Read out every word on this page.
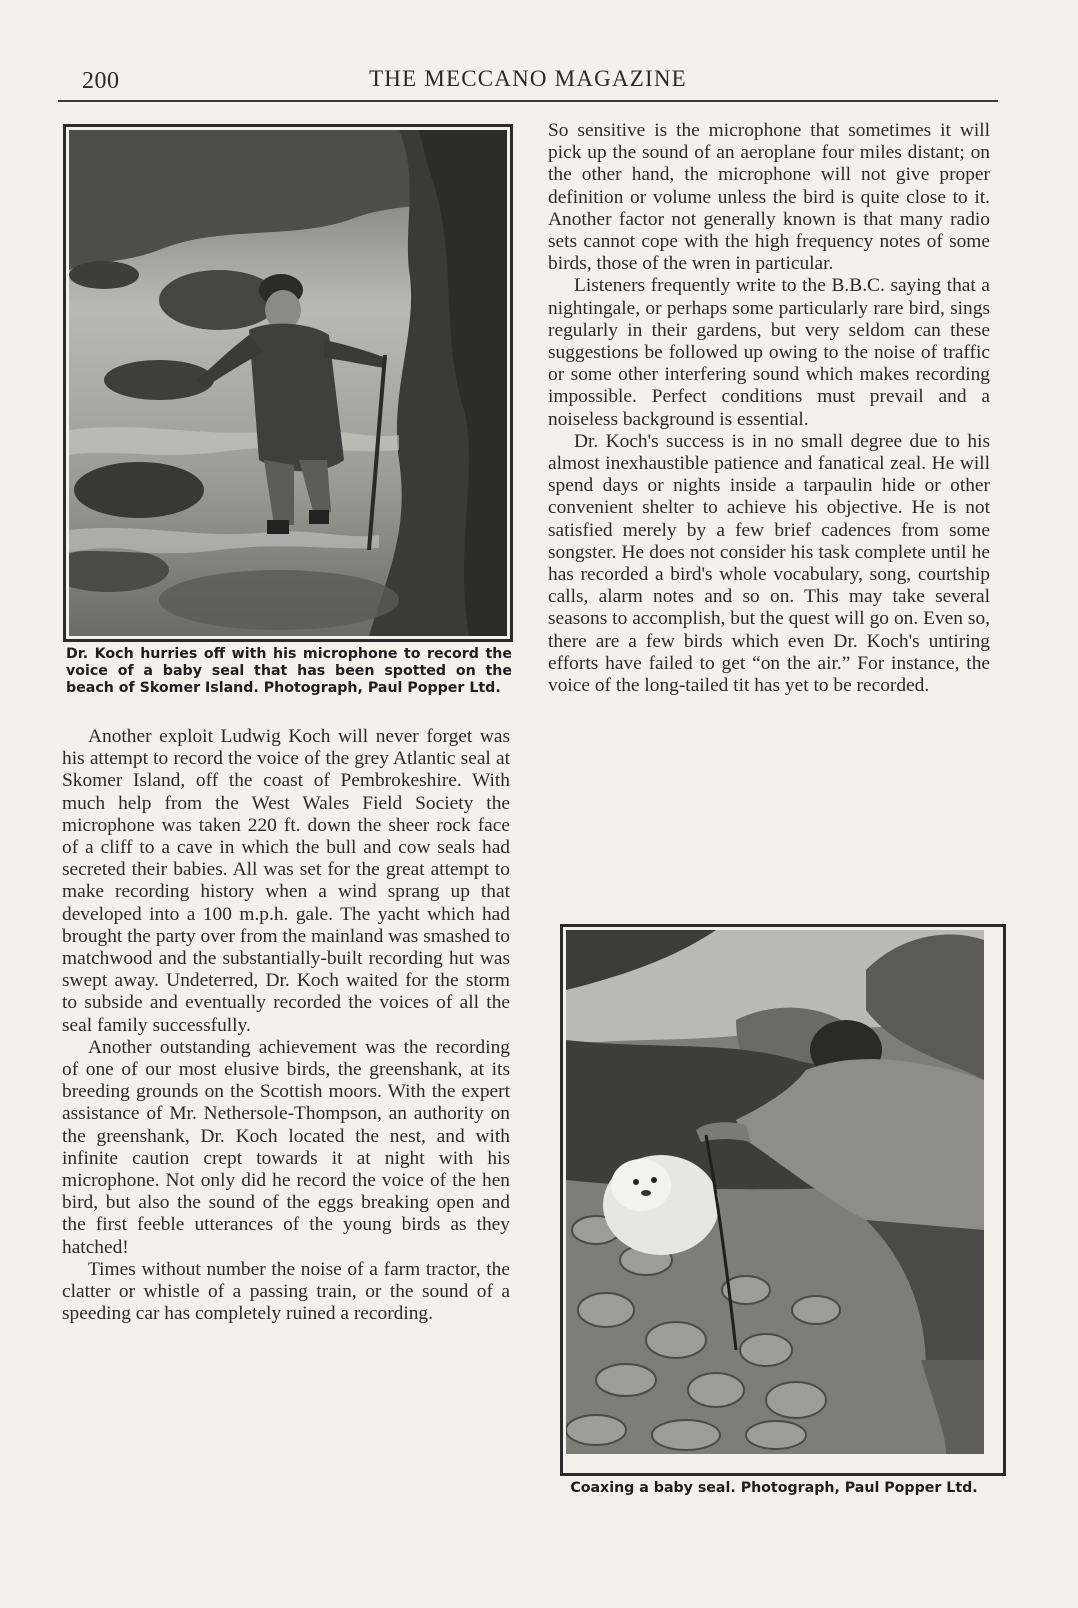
200	THE MECCANO MAGAZINE
Dr. Koch hurries off with his microphone to record the voice of a baby seal that has been spotted on the beach of Skomer Island. Photograph, Paul Popper Ltd.

Another exploit Ludwig Koch will never forget was his attempt to record the voice of the grey Atlantic seal at Skomer Island, off the coast of Pembrokeshire. With much help from the West Wales Field Society the microphone was taken 220 ft. down the sheer rock face of a cliff to a cave in which the bull and cow seals had secreted their babies. All was set for the great attempt to make recording history when a wind sprang up that developed into a 100 m.p.h. gale. The yacht which had brought the party over from the mainland was smashed to matchwood and the substantially-built recording hut was swept away. Undeterred, Dr. Koch waited for the storm to subside and eventually recorded the voices of all the seal family successfully.

Another outstanding achievement was the recording of one of our most elusive birds, the greenshank, at its breeding grounds on the Scottish moors. With the expert assistance of Mr. Nethersole-Thompson, an authority on the greenshank, Dr. Koch located the nest, and with infinite caution crept towards it at night with his microphone. Not only did he record the voice of the hen bird, but also the sound of the eggs breaking open and the first feeble utterances of the young birds as they hatched!

Times without number the noise of a farm tractor, the clatter or whistle of a passing train, or the sound of a speeding car has completely ruined a recording.

So sensitive is the microphone that sometimes it will pick up the sound of an aeroplane four miles distant; on the other hand, the microphone will not give proper definition or volume unless the bird is quite close to it. Another factor not generally known is that many radio sets cannot cope with the high frequency notes of some birds, those of the wren in particular.

Listeners frequently write to the B.B.C. saying that a nightingale, or perhaps some particularly rare bird, sings regularly in their gardens, but very seldom can these suggestions be followed up owing to the noise of traffic or some other interfering sound which makes recording impossible. Perfect conditions must prevail and a noiseless background is essential.

Dr. Koch's success is in no small degree due to his almost inexhaustible patience and fanatical zeal. He will spend days or nights inside a tarpaulin hide or other convenient shelter to achieve his objective. He is not satisfied merely by a few brief cadences from some songster. He does not consider his task complete until he has recorded a bird's whole vocabulary, song, courtship calls, alarm notes and so on. This may take several seasons to accomplish, but the quest will go on. Even so, there are a few birds which even Dr. Koch's untiring efforts have failed to get “on the air.” For instance, the voice of the long-tailed tit has yet to be recorded.

Coaxing a baby seal. Photograph, Paul Popper Ltd.
